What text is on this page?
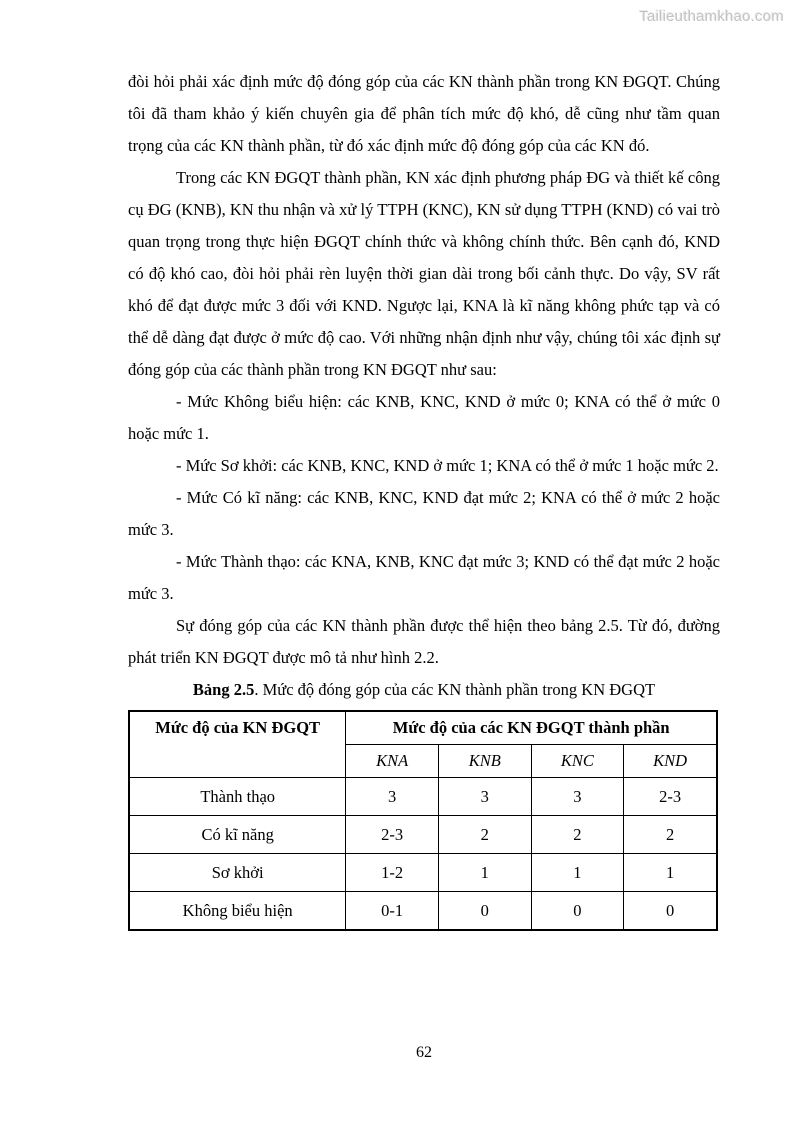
Tailieuthamkhao.com

đòi hỏi phải xác định mức độ đóng góp của các KN thành phần trong KN ĐGQT. Chúng tôi đã tham khảo ý kiến chuyên gia để phân tích mức độ khó, dễ cũng như tầm quan trọng của các KN thành phần, từ đó xác định mức độ đóng góp của các KN đó.

Trong các KN ĐGQT thành phần, KN xác định phương pháp ĐG và thiết kế công cụ ĐG (KNB), KN thu nhận và xử lý TTPH (KNC), KN sử dụng TTPH (KND) có vai trò quan trọng trong thực hiện ĐGQT chính thức và không chính thức. Bên cạnh đó, KND có độ khó cao, đòi hỏi phải rèn luyện thời gian dài trong bối cảnh thực. Do vậy, SV rất khó để đạt được mức 3 đối với KND. Ngược lại, KNA là kĩ năng không phức tạp và có thể dễ dàng đạt được ở mức độ cao. Với những nhận định như vậy, chúng tôi xác định sự đóng góp của các thành phần trong KN ĐGQT như sau:

- Mức Không biểu hiện: các KNB, KNC, KND ở mức 0; KNA có thể ở mức 0 hoặc mức 1.

- Mức Sơ khởi: các KNB, KNC, KND ở mức 1; KNA có thể ở mức 1 hoặc mức 2.

- Mức Có kĩ năng: các KNB, KNC, KND đạt mức 2; KNA có thể ở mức 2 hoặc mức 3.

- Mức Thành thạo: các KNA, KNB, KNC đạt mức 3; KND có thể đạt mức 2 hoặc mức 3.

Sự đóng góp của các KN thành phần được thể hiện theo bảng 2.5. Từ đó, đường phát triển KN ĐGQT được mô tả như hình 2.2.

Bảng 2.5. Mức độ đóng góp của các KN thành phần trong KN ĐGQT

Mức độ của KN ĐGQT	Mức độ của các KN ĐGQT thành phần			
	KNA	KNB	KNC	KND
Thành thạo	3	3	3	2-3
Có kĩ năng	2-3	2	2	2
Sơ khởi	1-2	1	1	1
Không biểu hiện	0-1	0	0	0
62
